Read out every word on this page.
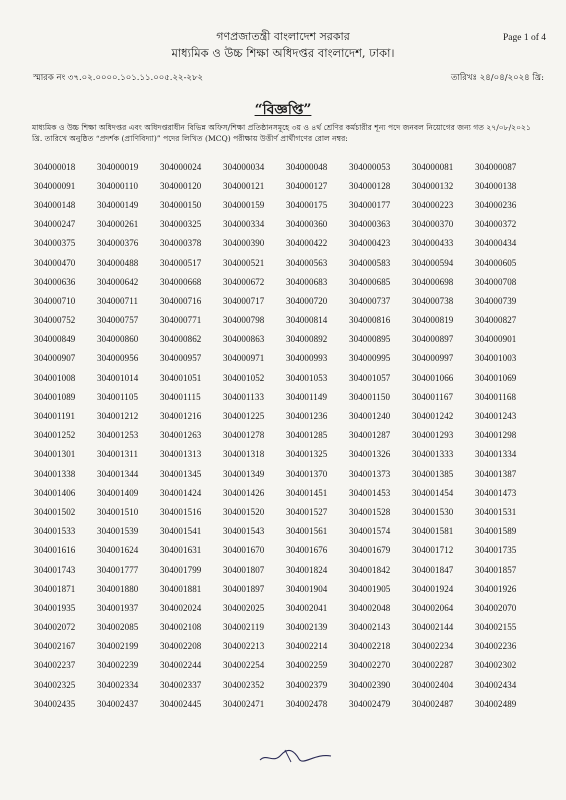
Page 1 of 4
গণপ্রজাতন্ত্রী বাংলাদেশ সরকার
মাধ্যমিক ও উচ্চ শিক্ষা অধিদপ্তর বাংলাদেশ, ঢাকা।
স্মারক নং ৩৭.০২.০০০০.১০১.১১.০০৫.২২-২৮২	তারিখঃ ২৪/০৪/২০২৪ খ্রি:
“বিজ্ঞপ্তি”
মাধ্যমিক ও উচ্চ শিক্ষা অধিদপ্তর এবং অধিদপ্তরাধীন বিভিন্ন অফিস/শিক্ষা প্রতিষ্ঠানসমূহে ৩য় ও ৪র্থ শ্রেণির কর্মচারীর শূন্য পদে জনবল নিয়োগের জন্য গত ২৭/০৮/২০২১ খ্রি. তারিখে অনুষ্ঠিত “প্রদর্শক (প্রাণিবিদ্যা)” পদের লিখিত (MCQ) পরীক্ষায় উত্তীর্ণ প্রার্থীগণের রোল নম্বর:
304000018	304000019	304000024	304000034	304000048	304000053	304000081	304000087
304000091	304000110	304000120	304000121	304000127	304000128	304000132	304000138
304000148	304000149	304000150	304000159	304000175	304000177	304000223	304000236
304000247	304000261	304000325	304000334	304000360	304000363	304000370	304000372
304000375	304000376	304000378	304000390	304000422	304000423	304000433	304000434
304000470	304000488	304000517	304000521	304000563	304000583	304000594	304000605
304000636	304000642	304000668	304000672	304000683	304000685	304000698	304000708
304000710	304000711	304000716	304000717	304000720	304000737	304000738	304000739
304000752	304000757	304000771	304000798	304000814	304000816	304000819	304000827
304000849	304000860	304000862	304000863	304000892	304000895	304000897	304000901
304000907	304000956	304000957	304000971	304000993	304000995	304000997	304001003
304001008	304001014	304001051	304001052	304001053	304001057	304001066	304001069
304001089	304001105	304001115	304001133	304001149	304001150	304001167	304001168
304001191	304001212	304001216	304001225	304001236	304001240	304001242	304001243
304001252	304001253	304001263	304001278	304001285	304001287	304001293	304001298
304001301	304001311	304001313	304001318	304001325	304001326	304001333	304001334
304001338	304001344	304001345	304001349	304001370	304001373	304001385	304001387
304001406	304001409	304001424	304001426	304001451	304001453	304001454	304001473
304001502	304001510	304001516	304001520	304001527	304001528	304001530	304001531
304001533	304001539	304001541	304001543	304001561	304001574	304001581	304001589
304001616	304001624	304001631	304001670	304001676	304001679	304001712	304001735
304001743	304001777	304001799	304001807	304001824	304001842	304001847	304001857
304001871	304001880	304001881	304001897	304001904	304001905	304001924	304001926
304001935	304001937	304002024	304002025	304002041	304002048	304002064	304002070
304002072	304002085	304002108	304002119	304002139	304002143	304002144	304002155
304002167	304002199	304002208	304002213	304002214	304002218	304002234	304002236
304002237	304002239	304002244	304002254	304002259	304002270	304002287	304002302
304002325	304002334	304002337	304002352	304002379	304002390	304002404	304002434
304002435	304002437	304002445	304002471	304002478	304002479	304002487	304002489
